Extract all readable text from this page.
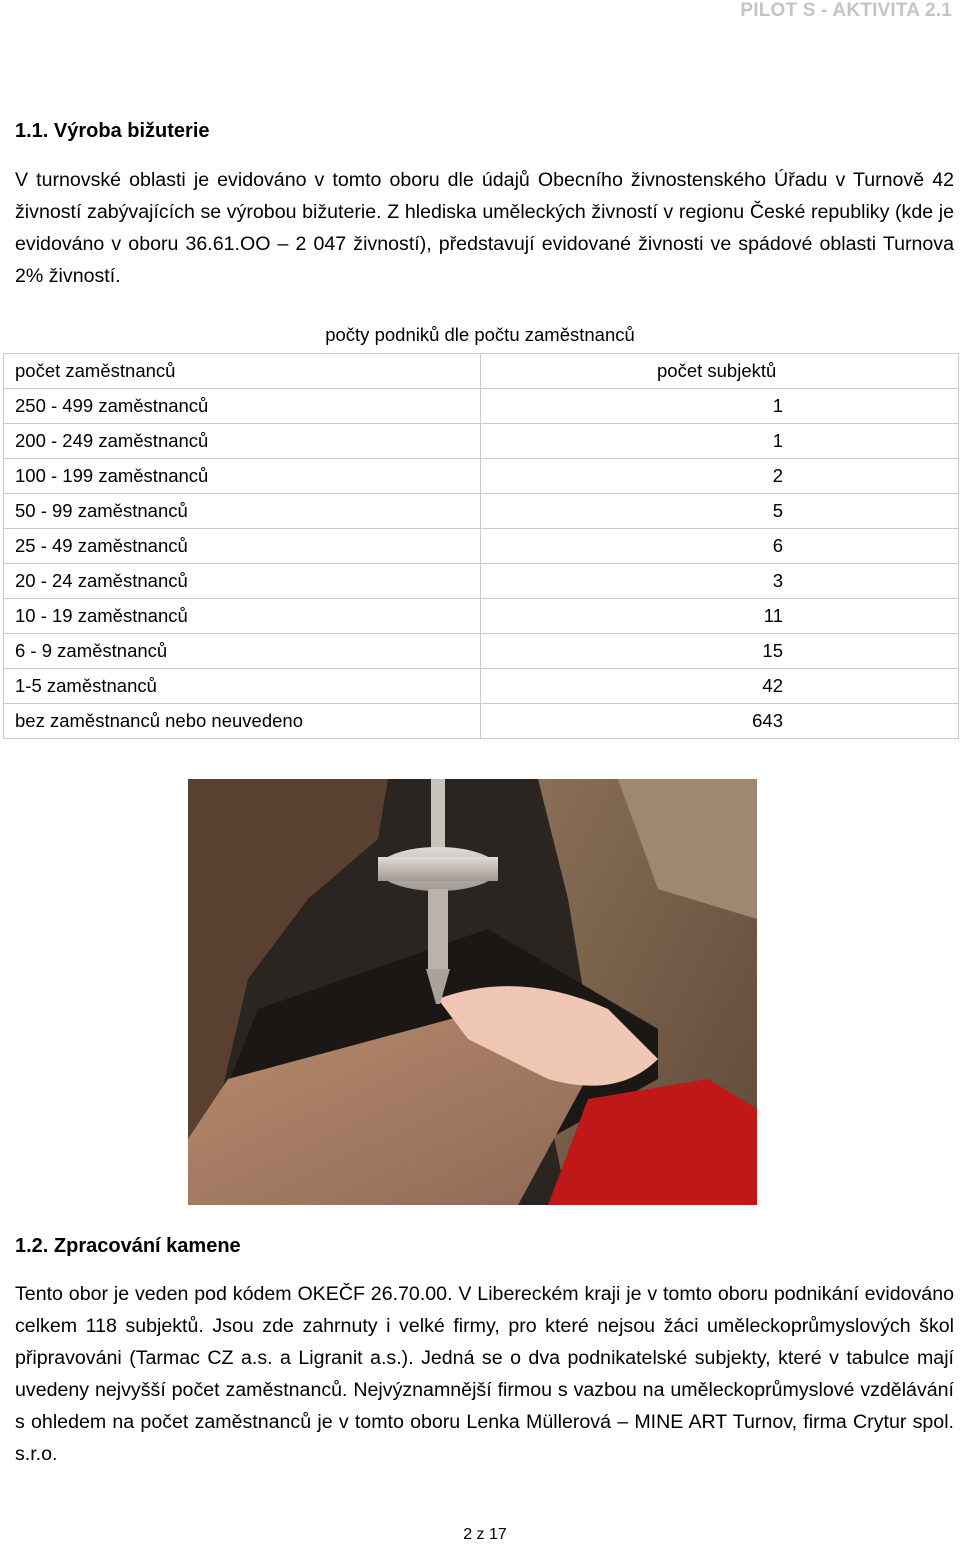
PILOT S - AKTIVITA 2.1
1.1. Výroba bižuterie
V turnovské oblasti je evidováno v tomto oboru dle údajů Obecního živnostenského Úřadu v Turnově 42 živností zabývajících se výrobou bižuterie. Z hlediska uměleckých živností v regionu České republiky (kde je evidováno v oboru 36.61.OO – 2 047 živností), představují evidované živnosti ve spádové oblasti Turnova 2% živností.
počty podniků dle počtu zaměstnanců
počet zaměstnanců	počet subjektů
250 - 499 zaměstnanců	1
200 - 249 zaměstnanců	1
100 - 199 zaměstnanců	2
50 - 99 zaměstnanců	5
25 - 49 zaměstnanců	6
20 - 24 zaměstnanců	3
10 - 19 zaměstnanců	11
6 - 9 zaměstnanců	15
1-5 zaměstnanců	42
bez zaměstnanců nebo neuvedeno	643
1.2. Zpracování kamene
Tento obor je veden pod kódem OKEČF 26.70.00. V Libereckém kraji je v tomto oboru podnikání evidováno celkem 118 subjektů. Jsou zde zahrnuty i velké firmy, pro které nejsou žáci uměleckoprůmyslových škol připravováni (Tarmac CZ a.s. a Ligranit a.s.). Jedná se o dva podnikatelské subjekty, které v tabulce mají uvedeny nejvyšší počet zaměstnanců. Nejvýznamnější firmou s vazbou na uměleckoprůmyslové vzdělávání s ohledem na počet zaměstnanců je v tomto oboru Lenka Müllerová – MINE ART Turnov, firma Crytur spol. s.r.o.
2 z 17
